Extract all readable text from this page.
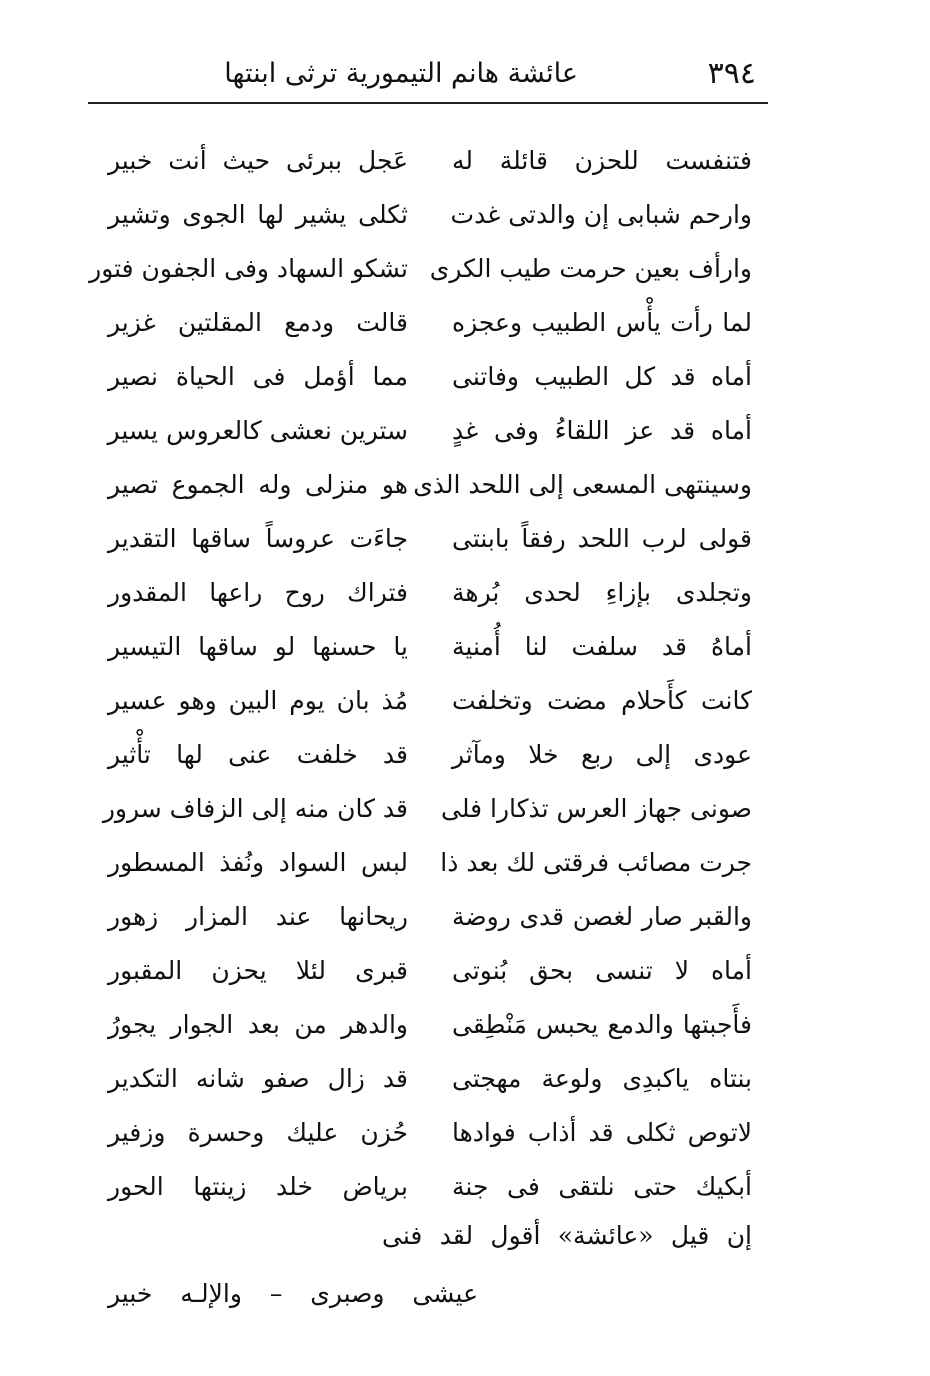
٣٩٤
عائشة هانم التيمورية ترثى ابنتها
فتنفست للحزن قائلة له
عَجل ببرئى حيث أنت خبير
وارحم شبابى إن والدتى غدت
ثكلى يشير لها الجوى وتشير
وارأف بعين حرمت طيب الكرى
تشكو السهاد وفى الجفون فتور
لما رأت يأْس الطبيب وعجزه
قالت ودمع المقلتين غزير
أماه قد كل الطبيب وفاتنى
مما أؤمل فى الحياة نصير
أماه قد عز اللقاءُ وفى غدٍ
سترين نعشى كالعروس يسير
وسينتهى المسعى إلى اللحد الذى
هو منزلى وله الجموع تصير
قولى لرب اللحد رفقاً بابنتى
جاءَت عروساً ساقها التقدير
وتجلدى بإزاءِ لحدى بُرهة
فتراك روح راعها المقدور
أماهُ قد سلفت لنا أُمنية
يا حسنها لو ساقها التيسير
كانت كأَحلام مضت وتخلفت
مُذ بان يوم البين وهو عسير
عودى إلى ربع خلا ومآثر
قد خلفت عنى لها تأْثير
صونى جهاز العرس تذكارا فلى
قد كان منه إلى الزفاف سرور
جرت مصائب فرقتى لك بعد ذا
لبس السواد ونُفذ المسطور
والقبر صار لغصن قدى روضة
ريحانها عند المزار زهور
أماه لا تنسى بحق بُنوتى
قبرى لئلا يحزن المقبور
فأَجبتها والدمع يحبس مَنْطِقى
والدهر من بعد الجوار يجورُ
بنتاه ياكبدِى ولوعة مهجتى
قد زال صفو شانه التكدير
لاتوص ثكلى قد أذاب فوادها
حُزن عليك وحسرة وزفير
أبكيك حتى نلتقى فى جنة
برياض خلد زينتها الحور
إن قيل «عائشة» أقول لقد فنى
عيشى وصبرى – والإلـه خبير
